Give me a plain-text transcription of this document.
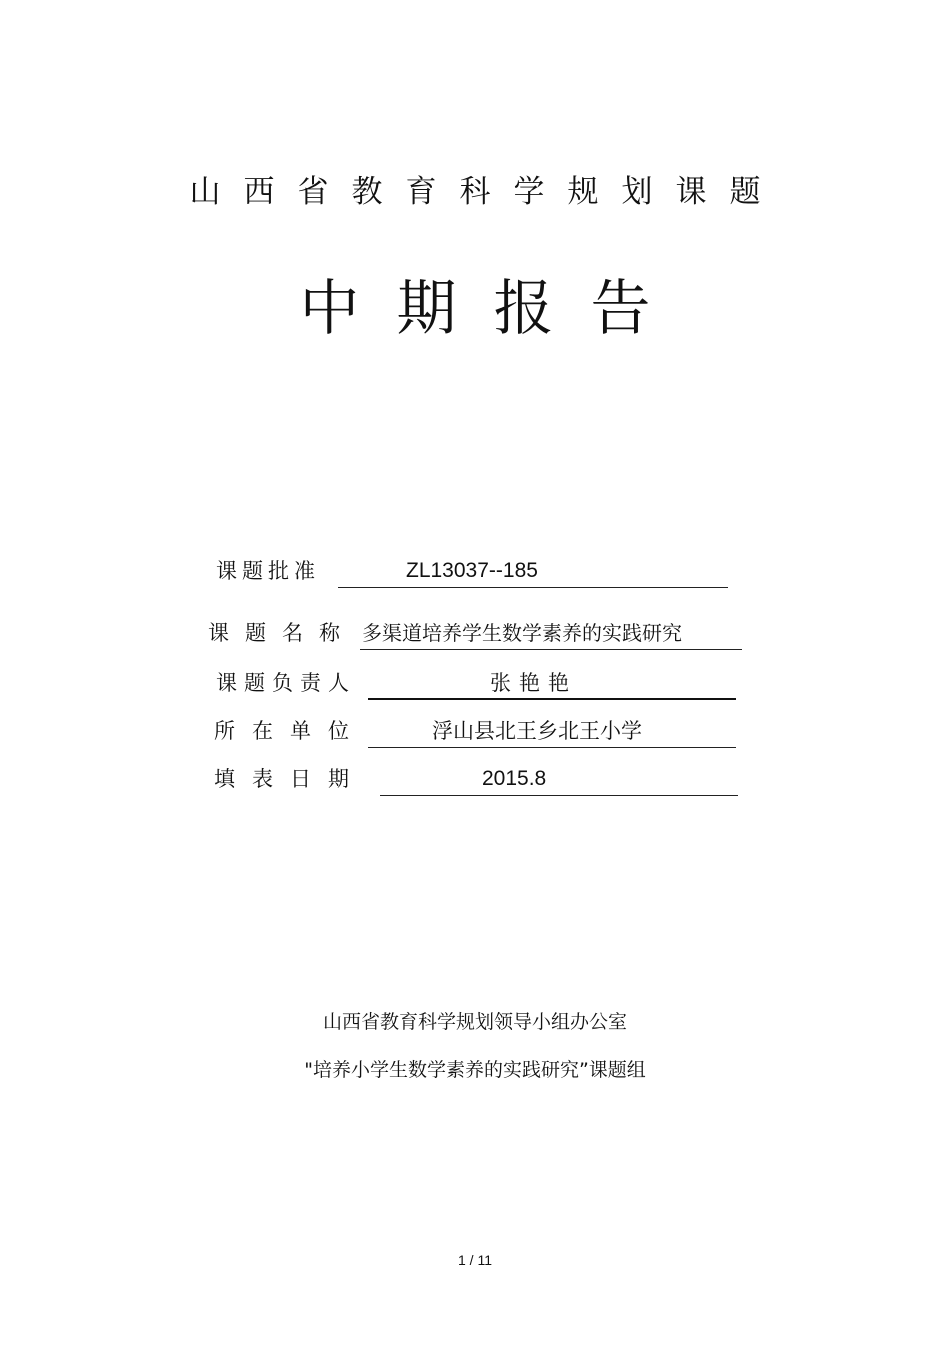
山西省教育科学规划课题
中期报告
课题批准	ZL13037--185
课题名称 多渠道培养学生数学素养的实践研究
课题负责人	张艳艳
所在单位	浮山县北王乡北王小学
填表日期	2015.8
山西省教育科学规划领导小组办公室
"培养小学生数学素养的实践研究”课题组
1 / 11
